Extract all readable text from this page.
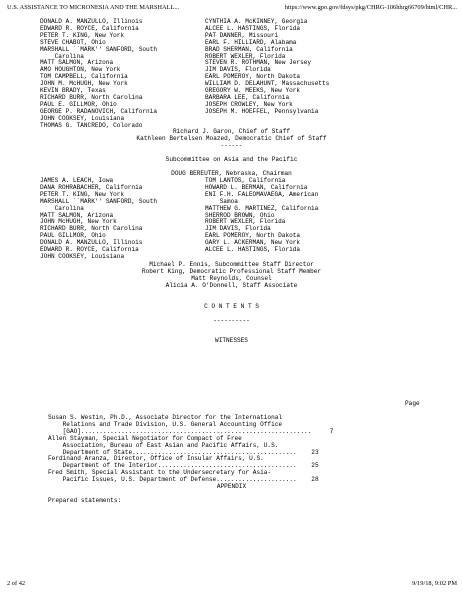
U.S. ASSISTANCE TO MICRONESIA AND THE MARSHALL...	https://www.gpo.gov/fdsys/pkg/CHRG-106hhrg66709/html/CHR...
DONALD A. MANZULLO, Illinois
EDWARD R. ROYCE, California
PETER T. KING, New York
STEVE CHABOT, Ohio
MARSHALL ``MARK'' SANFORD, South
Carolina
MATT SALMON, Arizona
AMO HOUGHTON, New York
TOM CAMPBELL, California
JOHN M. McHUGH, New York
KEVIN BRADY, Texas
RICHARD BURR, North Carolina
PAUL E. GILLMOR, Ohio
GEORGE P. RADANOVICH, California
JOHN COOKSEY, Louisiana
THOMAS G. TANCREDO, Colorado
CYNTHIA A. McKINNEY, Georgia
ALCEE L. HASTINGS, Florida
PAT DANNER, Missouri
EARL F. HILLIARD, Alabama
BRAD SHERMAN, California
ROBERT WEXLER, Florida
STEVEN R. ROTHMAN, New Jersey
JIM DAVIS, Florida
EARL POMEROY, North Dakota
WILLIAM D. DELAHUNT, Massachusetts
GREGORY W. MEEKS, New York
BARBARA LEE, California
JOSEPH CROWLEY, New York
JOSEPH M. HOEFFEL, Pennsylvania
Richard J. Garon, Chief of Staff
Kathleen Bertelsen Moazed, Democratic Chief of Staff
------
Subcommittee on Asia and the Pacific
DOUG BEREUTER, Nebraska, Chairman
JAMES A. LEACH, Iowa
DANA ROHRABACHER, California
PETER T. KING, New York
MARSHALL ``MARK'' SANFORD, South
Carolina
MATT SALMON, Arizona
JOHN McHUGH, New York
RICHARD BURR, North Carolina
PAUL GILLMOR, Ohio
DONALD A. MANZULLO, Illinois
EDWARD R. ROYCE, California
JOHN COOKSEY, Louisiana
TOM LANTOS, California
HOWARD L. BERMAN, California
ENI F.H. FALEOMAVAEGA, American
Samoa
MATTHEW G. MARTINEZ, California
SHERROD BROWN, Ohio
ROBERT WEXLER, Florida
JIM DAVIS, Florida
EARL POMEROY, North Dakota
GARY L. ACKERMAN, New York
ALCEE L. HASTINGS, Florida
Michael P. Ennis, Subcommittee Staff Director
Robert King, Democratic Professional Staff Member
Matt Reynolds, Counsel
Alicia A. O'Donnell, Staff Associate
C O N T E N T S
----------
WITNESSES
Page
Susan S. Westin, Ph.D., Associate Director for the International
Relations and Trade Division, U.S. General Accounting Office
[GAO]...............................................................     7
Allen Stayman, Special Negotiator for Compact of Free
Association, Bureau of East Asian and Pacific Affairs, U.S.
Department of State.............................................    23
Ferdinand Aranza, Director, Office of Insular Affairs, U.S.
Department of the Interior......................................    25
Fred Smith, Special Assistant to the Undersecretary for Asia-
Pacific Issues, U.S. Department of Defense......................    28
APPENDIX
Prepared statements:
2 of 42	9/19/18, 9:02 PM
